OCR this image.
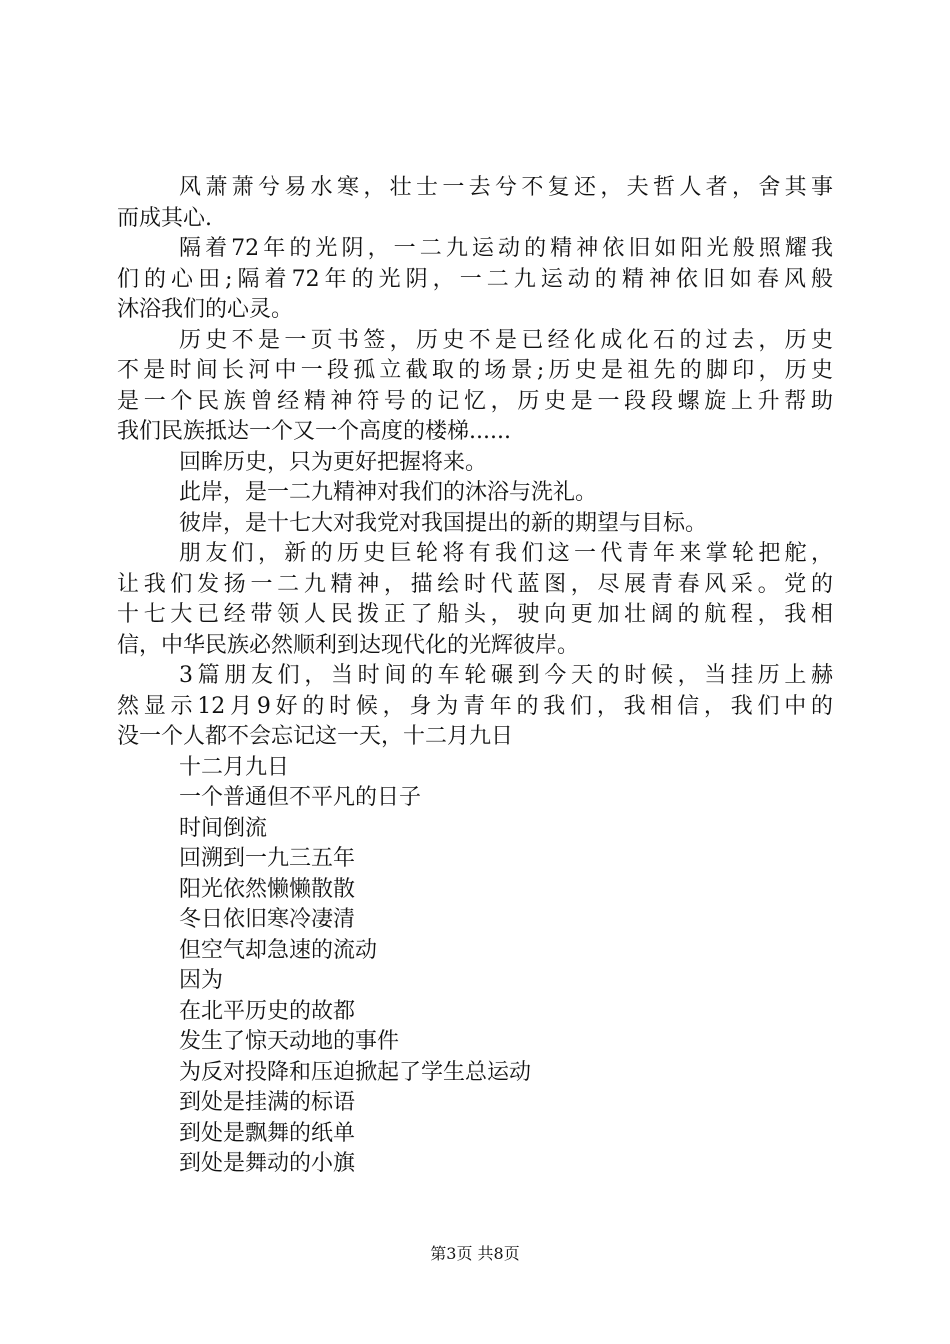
风萧萧兮易水寒，壮士一去兮不复还，夫哲人者，舍其事
而成其心.
隔着72年的光阴，一二九运动的精神依旧如阳光般照耀我
们的心田;隔着72年的光阴，一二九运动的精神依旧如春风般
沐浴我们的心灵。
历史不是一页书签，历史不是已经化成化石的过去，历史
不是时间长河中一段孤立截取的场景;历史是祖先的脚印，历史
是一个民族曾经精神符号的记忆，历史是一段段螺旋上升帮助
我们民族抵达一个又一个高度的楼梯......
回眸历史，只为更好把握将来。
此岸，是一二九精神对我们的沐浴与洗礼。
彼岸，是十七大对我党对我国提出的新的期望与目标。
朋友们，新的历史巨轮将有我们这一代青年来掌轮把舵，
让我们发扬一二九精神，描绘时代蓝图，尽展青春风采。党的
十七大已经带领人民拨正了船头，驶向更加壮阔的航程，我相
信，中华民族必然顺利到达现代化的光辉彼岸。
3篇朋友们，当时间的车轮碾到今天的时候，当挂历上赫
然显示12月9好的时候，身为青年的我们，我相信，我们中的
没一个人都不会忘记这一天，十二月九日
十二月九日
一个普通但不平凡的日子
时间倒流
回溯到一九三五年
阳光依然懒懒散散
冬日依旧寒冷凄清
但空气却急速的流动
因为
在北平历史的故都
发生了惊天动地的事件
为反对投降和压迫掀起了学生总运动
到处是挂满的标语
到处是飘舞的纸单
到处是舞动的小旗
第3页 共8页
